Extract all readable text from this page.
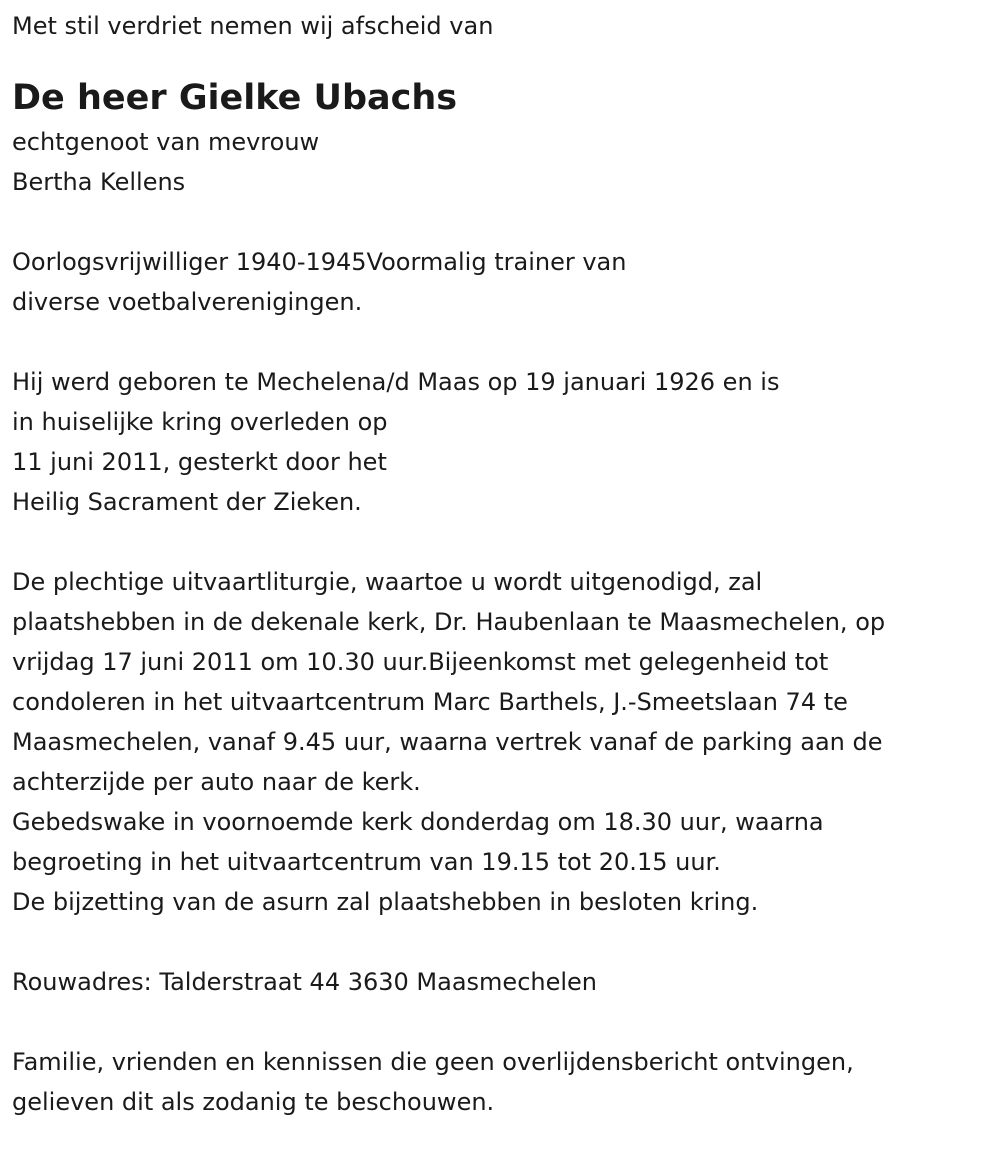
Met stil verdriet nemen wij afscheid van

De heer Gielke Ubachs

echtgenoot van mevrouw

Bertha Kellens

Oorlogsvrijwilliger 1940-1945Voormalig trainer van

diverse voetbalverenigingen.

Hij werd geboren te Mechelena/d Maas op 19 januari 1926 en is

in huiselijke kring overleden op

11 juni 2011, gesterkt door het

Heilig Sacrament der Zieken.

De plechtige uitvaartliturgie, waartoe u wordt uitgenodigd, zal

plaatshebben in de dekenale kerk, Dr. Haubenlaan te Maasmechelen, op

vrijdag 17 juni 2011 om 10.30 uur.Bijeenkomst met gelegenheid tot

condoleren in het uitvaartcentrum Marc Barthels, J.-Smeetslaan 74 te

Maasmechelen, vanaf 9.45 uur, waarna vertrek vanaf de parking aan de

achterzijde per auto naar de kerk.

Gebedswake in voornoemde kerk donderdag om 18.30 uur, waarna

begroeting in het uitvaartcentrum van 19.15 tot 20.15 uur.

De bijzetting van de asurn zal plaatshebben in besloten kring.

Rouwadres: Talderstraat 44 3630 Maasmechelen

Familie, vrienden en kennissen die geen overlijdensbericht ontvingen,

gelieven dit als zodanig te beschouwen.
